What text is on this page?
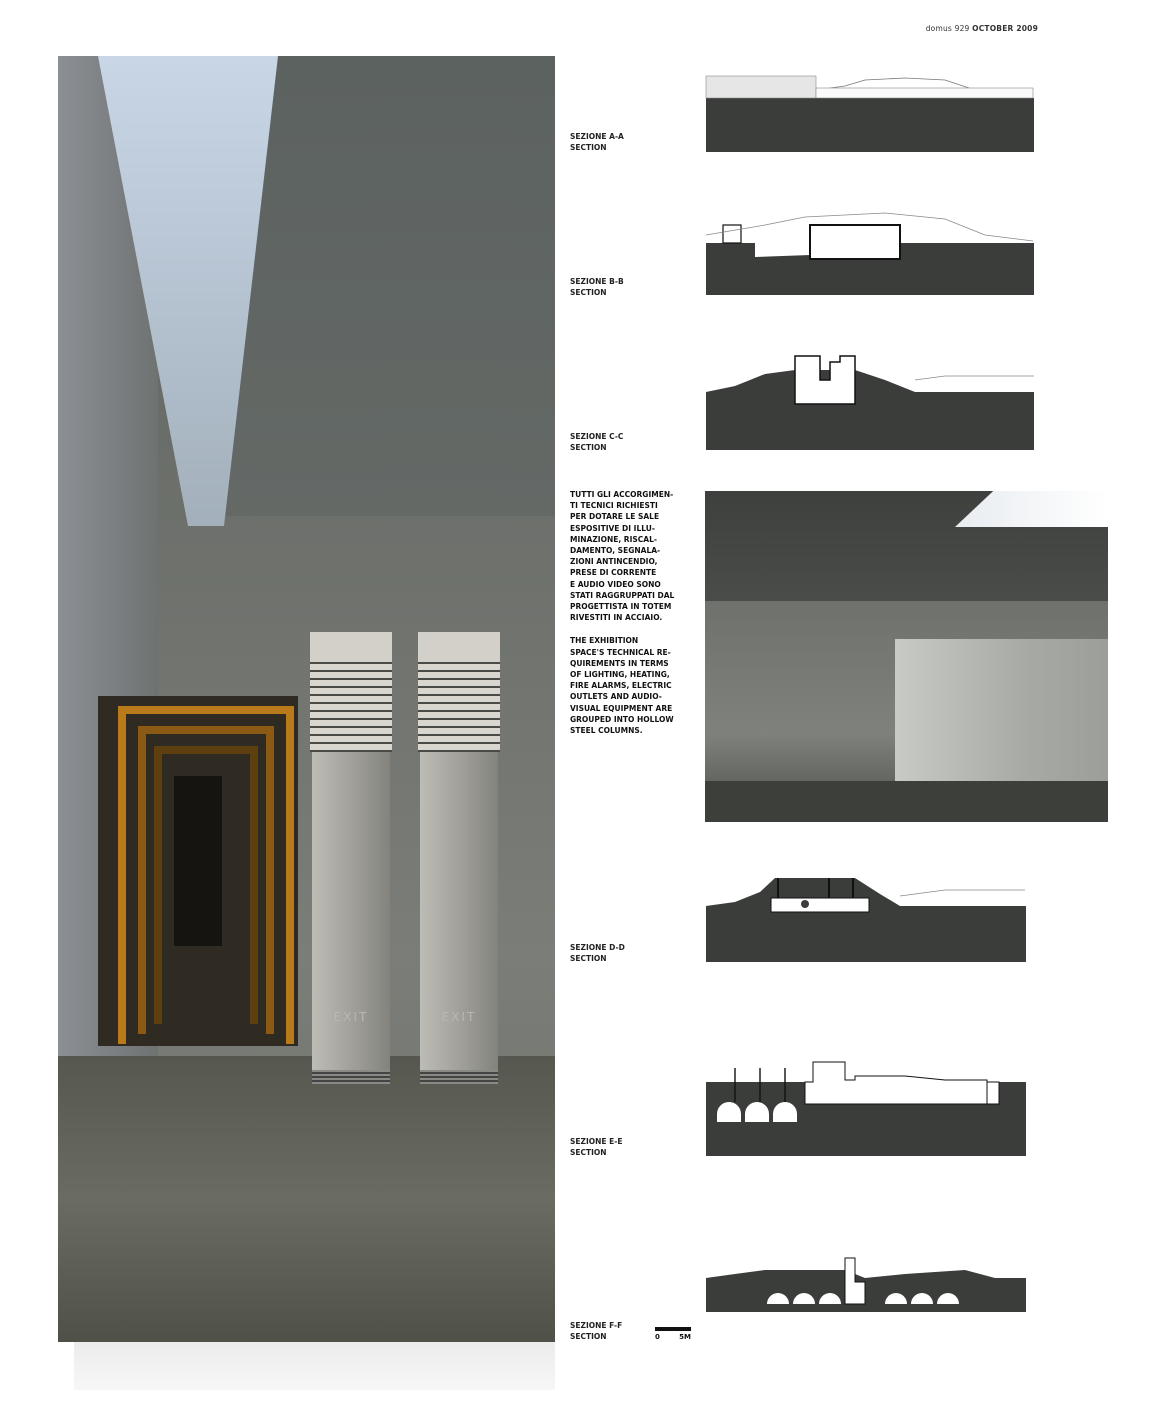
domus 929 OCTOBER 2009
EXIT	EXIT
SEZIONE A-A
SECTION
SEZIONE B-B
SECTION
SEZIONE C-C
SECTION

TUTTI GLI ACCORGIMEN-
TI TECNICI RICHIESTI
PER DOTARE LE SALE
ESPOSITIVE DI ILLU-
MINAZIONE, RISCAL-
DAMENTO, SEGNALA-
ZIONI ANTINCENDIO,
PRESE DI CORRENTE
E AUDIO VIDEO SONO
STATI RAGGRUPPATI DAL
PROGETTISTA IN TOTEM
RIVESTITI IN ACCIAIO.

THE EXHIBITION
SPACE'S TECHNICAL RE-
QUIREMENTS IN TERMS
OF LIGHTING, HEATING,
FIRE ALARMS, ELECTRIC
OUTLETS AND AUDIO-
VISUAL EQUIPMENT ARE
GROUPED INTO HOLLOW
STEEL COLUMNS.

SEZIONE D-D
SECTION
SEZIONE E-E
SECTION
SEZIONE F-F
SECTION	0	5M
